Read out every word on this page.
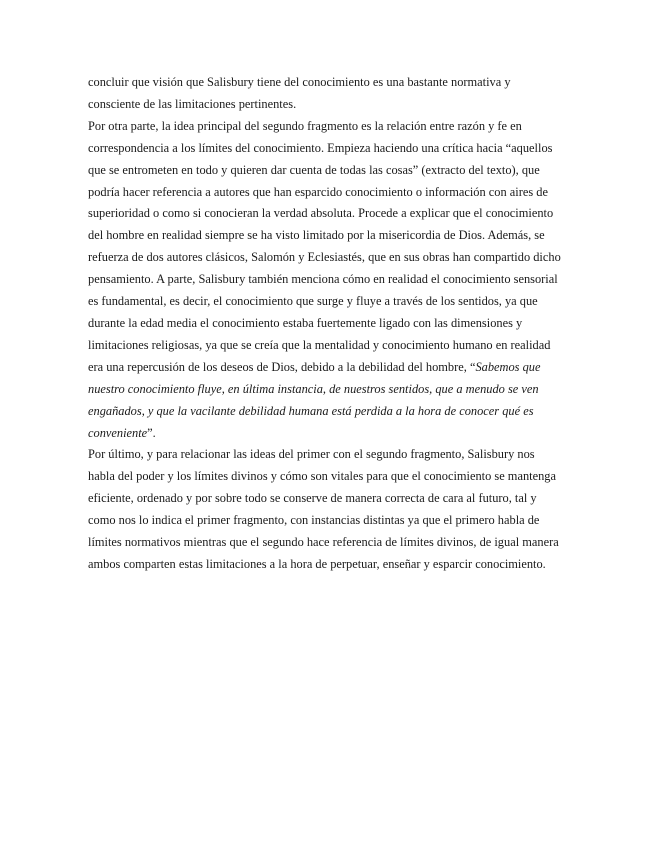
concluir que visión que Salisbury tiene del conocimiento es una bastante normativa y consciente de las limitaciones pertinentes.

Por otra parte, la idea principal del segundo fragmento es la relación entre razón y fe en correspondencia a los límites del conocimiento. Empieza haciendo una crítica hacia “aquellos que se entrometen en todo y quieren dar cuenta de todas las cosas” (extracto del texto), que podría hacer referencia a autores que han esparcido conocimiento o información con aires de superioridad o como si conocieran la verdad absoluta. Procede a explicar que el conocimiento del hombre en realidad siempre se ha visto limitado por la misericordia de Dios. Además, se refuerza de dos autores clásicos, Salomón y Eclesiastés, que en sus obras han compartido dicho pensamiento. A parte, Salisbury también menciona cómo en realidad el conocimiento sensorial es fundamental, es decir, el conocimiento que surge y fluye a través de los sentidos, ya que durante la edad media el conocimiento estaba fuertemente ligado con las dimensiones y limitaciones religiosas, ya que se creía que la mentalidad y conocimiento humano en realidad era una repercusión de los deseos de Dios, debido a la debilidad del hombre, “Sabemos que nuestro conocimiento fluye, en última instancia, de nuestros sentidos, que a menudo se ven engañados, y que la vacilante debilidad humana está perdida a la hora de conocer qué es conveniente”.

Por último, y para relacionar las ideas del primer con el segundo fragmento, Salisbury nos habla del poder y los límites divinos y cómo son vitales para que el conocimiento se mantenga eficiente, ordenado y por sobre todo se conserve de manera correcta de cara al futuro, tal y como nos lo indica el primer fragmento, con instancias distintas ya que el primero habla de límites normativos mientras que el segundo hace referencia de límites divinos, de igual manera ambos comparten estas limitaciones a la hora de perpetuar, enseñar y esparcir conocimiento.
